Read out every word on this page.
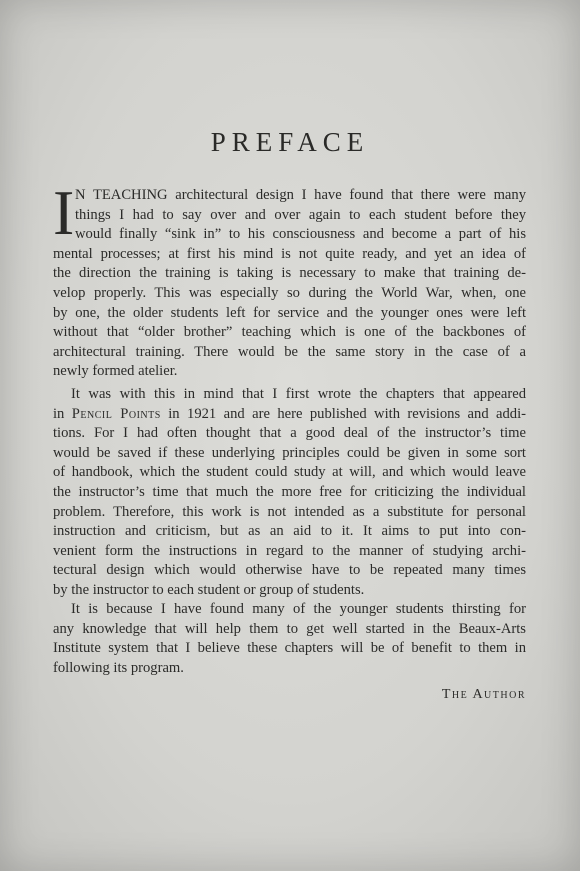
PREFACE
I N TEACHING architectural design I have found that there were many
things I had to say over and over again to each student before they
would finally “sink in” to his consciousness and become a part of his
mental processes; at first his mind is not quite ready, and yet an idea of
the direction the training is taking is necessary to make that training de-
velop properly. This was especially so during the World War, when, one
by one, the older students left for service and the younger ones were left
without that “older brother” teaching which is one of the backbones of
architectural training. There would be the same story in the case of a
newly formed atelier.
It was with this in mind that I first wrote the chapters that appeared
in Pencil Points in 1921 and are here published with revisions and addi-
tions. For I had often thought that a good deal of the instructor’s time
would be saved if these underlying principles could be given in some sort
of handbook, which the student could study at will, and which would leave
the instructor’s time that much the more free for criticizing the individual
problem. Therefore, this work is not intended as a substitute for personal
instruction and criticism, but as an aid to it. It aims to put into con-
venient form the instructions in regard to the manner of studying archi-
tectural design which would otherwise have to be repeated many times
by the instructor to each student or group of students.
It is because I have found many of the younger students thirsting for
any knowledge that will help them to get well started in the Beaux-Arts
Institute system that I believe these chapters will be of benefit to them in
following its program.
The Author
